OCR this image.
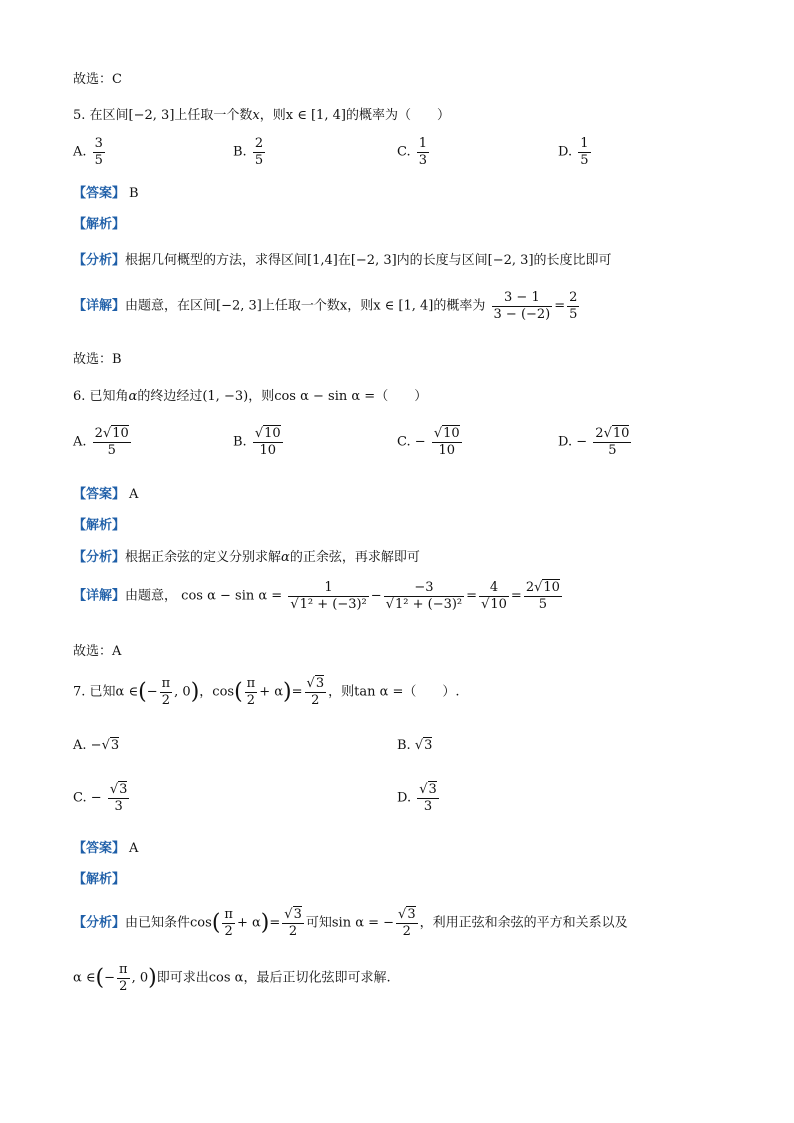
故选：C
5. 在区间[−2, 3]上任取一个数x，则x ∈ [1, 4]的概率为（　　）
A. $\frac{3}{5}$	B. $\frac{2}{5}$	C. $\frac{1}{3}$	D. $\frac{1}{5}$
【答案】 B
【解析】
【分析】根据几何概型的方法，求得区间[1,4]在[−2, 3]内的长度与区间[−2, 3]的长度比即可
【详解】由题意，在区间[−2, 3]上任取一个数x，则x ∈ [1, 4]的概率为 $\frac{3 - 1}{3 - (-2)} = \frac{2}{5}$
故选：B
6. 已知角α的终边经过(1, −3)，则cos α − sin α =（　　）
A. $\frac{2√10}{5}$	B. $\frac{√10}{10}$	C. − $\frac{√10}{10}$	D. − $\frac{2√10}{5}$
【答案】 A
【解析】
【分析】根据正余弦的定义分别求解α的正余弦，再求解即可
【详解】由题意， $\cos \alpha - \sin \alpha = \frac{1}{\text{√1² + (−3)²}} - \frac{-3}{\text{√1² + (−3)²}} = \frac{4}{√10} = \frac{2√10}{5}$
故选：A
7. 已知α ∈(− $\frac{\pi}{2}$ , 0)，$\cos( \frac{\pi}{2} + \alpha)= \frac{√3}{2}$ ，则tan α =（　　）.
A. −√3	B. √3
C. − $\frac{√3}{3}$	D. $\frac{√3}{3}$
【答案】 A
【解析】
【分析】由已知条件$\cos( \frac{\pi}{2} + \alpha)= \frac{√3}{2}$ 可知sin α = − $\frac{√3}{2}$ ，利用正弦和余弦的平方和关系以及
α ∈(− $\frac{\pi}{2}$ , 0)即可求出cos α，最后正切化弦即可求解.
